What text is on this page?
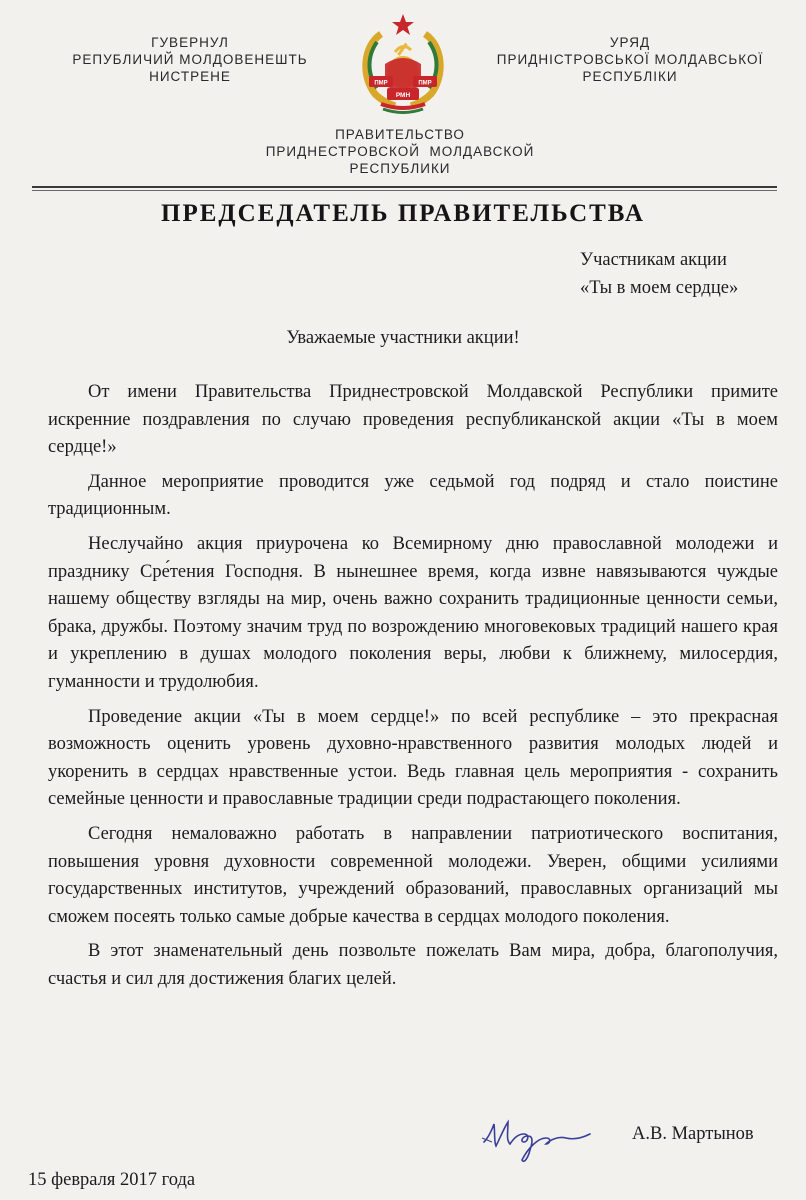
ГУВЕРНУЛ
РЕПУБЛИЧИЙ МОЛДОВЕНЕШТЬ
НИСТРЕНЕ	ПМР	ПМР
РМН
УРЯД
ПРИДНІСТРОВСЬКОЇ МОЛДАВСЬКОЇ
РЕСПУБЛІКИ
ПРАВИТЕЛЬСТВО
ПРИДНЕСТРОВСКОЙ  МОЛДАВСКОЙ
РЕСПУБЛИКИ
ПРЕДСЕДАТЕЛЬ ПРАВИТЕЛЬСТВА
Участникам акции
«Ты в моем сердце»
Уважаемые участники акции!

От имени Правительства Приднестровской Молдавской Республики примите искренние поздравления по случаю проведения республиканской акции «Ты в моем сердце!»

Данное мероприятие проводится уже седьмой год подряд и стало поистине традиционным.

Неслучайно акция приурочена ко Всемирному дню православной молодежи и празднику Сре́тения Господня. В нынешнее время, когда извне навязываются чуждые нашему обществу взгляды на мир, очень важно сохранить традиционные ценности семьи, брака, дружбы. Поэтому значим труд по возрождению многовековых традиций нашего края и укреплению в душах молодого поколения веры, любви к ближнему, милосердия, гуманности и трудолюбия.

Проведение акции «Ты в моем сердце!» по всей республике – это прекрасная возможность оценить уровень духовно-нравственного развития молодых людей и укоренить в сердцах нравственные устои. Ведь главная цель мероприятия - сохранить семейные ценности и православные традиции среди подрастающего поколения.

Сегодня немаловажно работать в направлении патриотического воспитания, повышения уровня духовности современной молодежи. Уверен, общими усилиями государственных институтов, учреждений образований, православных организаций мы сможем посеять только самые добрые качества в сердцах молодого поколения.

В этот знаменательный день позвольте пожелать Вам мира, добра, благополучия, счастья и сил для достижения благих целей.

А.В. Мартынов
15 февраля 2017 года
